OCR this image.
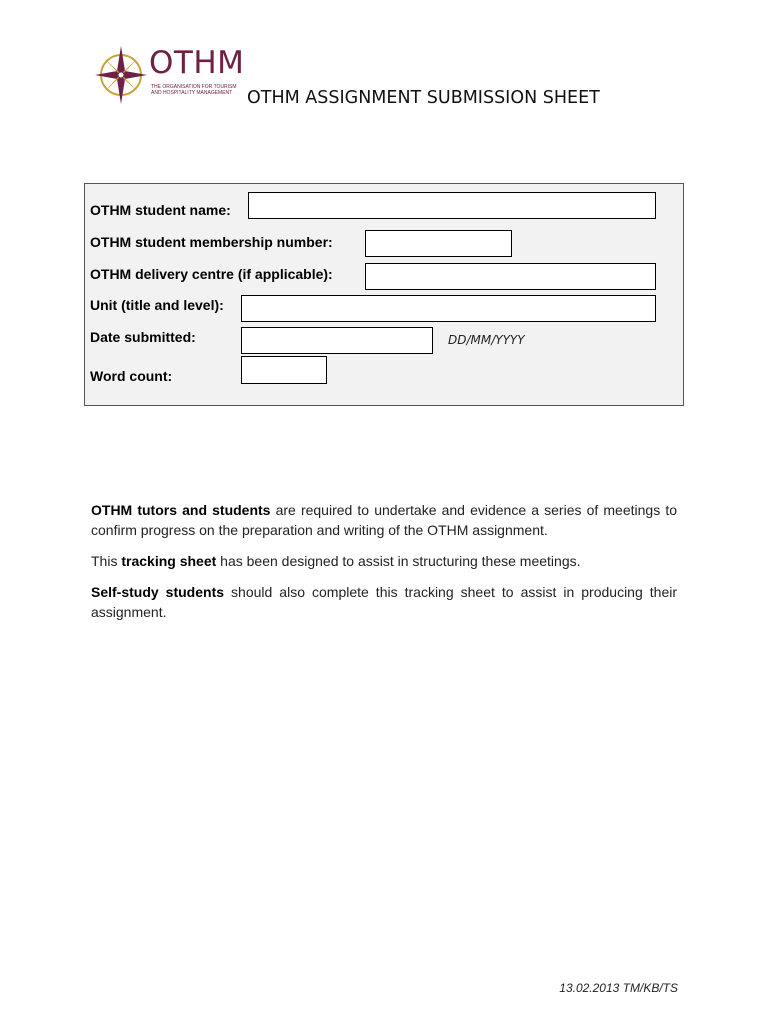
OTHM
THE ORGANISATION FOR TOURISM
AND HOSPITALITY MANAGEMENT OTHM ASSIGNMENT SUBMISSION SHEET
OTHM student name:
OTHM student membership number:
OTHM delivery centre (if applicable):
Unit (title and level):
Date submitted:	DD/MM/YYYY
Word count:

OTHM tutors and students are required to undertake and evidence a series of meetings to confirm progress on the preparation and writing of the OTHM assignment.

This tracking sheet has been designed to assist in structuring these meetings.

Self-study students should also complete this tracking sheet to assist in producing their assignment.

13.02.2013 TM/KB/TS
